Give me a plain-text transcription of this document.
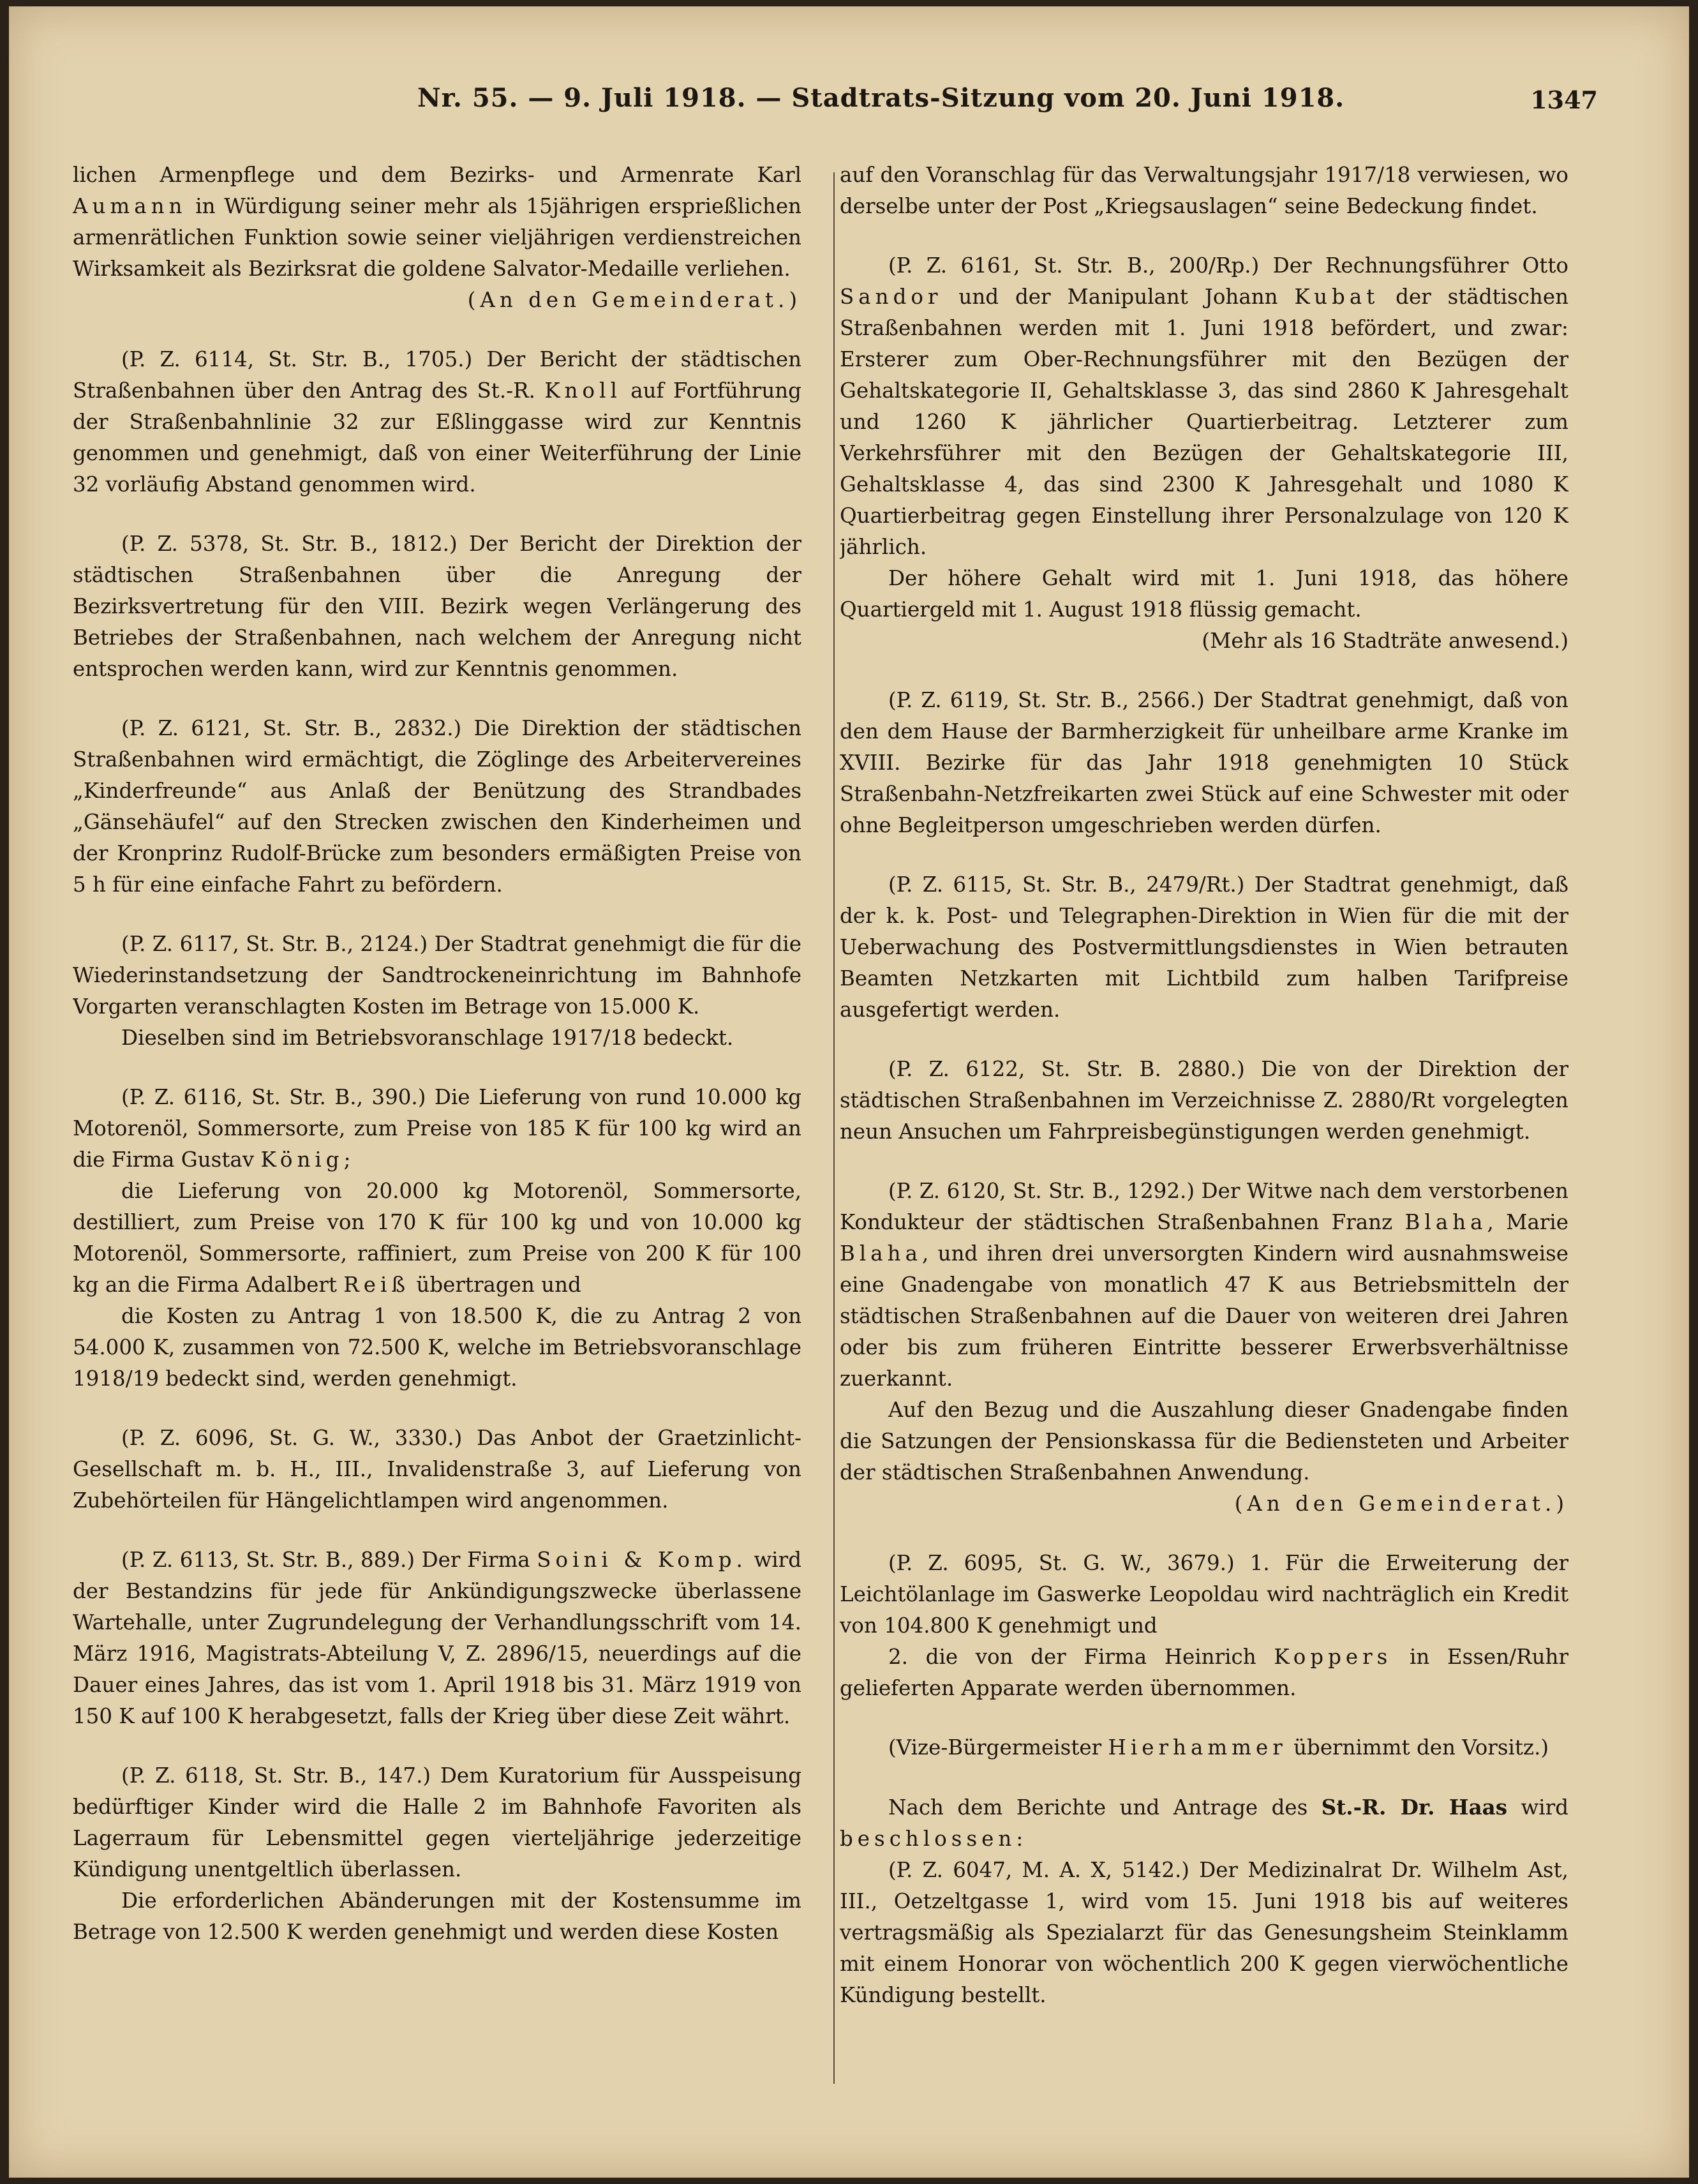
Nr. 55. — 9. Juli 1918. — Stadtrats-Sitzung vom 20. Juni 1918.	1347

lichen Armenpflege und dem Bezirks- und Armenrate Karl Aumann in Würdigung seiner mehr als 15jährigen ersprießlichen armenrätlichen Funktion sowie seiner vieljährigen verdienstreichen Wirksamkeit als Bezirksrat die goldene Salvator-Medaille verliehen.

(An den Gemeinderat.)

(P. Z. 6114, St. Str. B., 1705.) Der Bericht der städtischen Straßenbahnen über den Antrag des St.-R. Knoll auf Fortführung der Straßenbahnlinie 32 zur Eßlinggasse wird zur Kenntnis genommen und genehmigt, daß von einer Weiterführung der Linie 32 vorläufig Abstand genommen wird.

(P. Z. 5378, St. Str. B., 1812.) Der Bericht der Direktion der städtischen Straßenbahnen über die Anregung der Bezirksvertretung für den VIII. Bezirk wegen Verlängerung des Betriebes der Straßenbahnen, nach welchem der Anregung nicht entsprochen werden kann, wird zur Kenntnis genommen.

(P. Z. 6121, St. Str. B., 2832.) Die Direktion der städtischen Straßenbahnen wird ermächtigt, die Zöglinge des Arbeitervereines „Kinderfreunde“ aus Anlaß der Benützung des Strandbades „Gänsehäufel“ auf den Strecken zwischen den Kinderheimen und der Kronprinz Rudolf-Brücke zum besonders ermäßigten Preise von 5 h für eine einfache Fahrt zu befördern.

(P. Z. 6117, St. Str. B., 2124.) Der Stadtrat genehmigt die für die Wiederinstandsetzung der Sandtrockeneinrichtung im Bahnhofe Vorgarten veranschlagten Kosten im Betrage von 15.000 K.

Dieselben sind im Betriebsvoranschlage 1917/18 bedeckt.

(P. Z. 6116, St. Str. B., 390.) Die Lieferung von rund 10.000 kg Motorenöl, Sommersorte, zum Preise von 185 K für 100 kg wird an die Firma Gustav König;

die Lieferung von 20.000 kg Motorenöl, Sommersorte, destilliert, zum Preise von 170 K für 100 kg und von 10.000 kg Motorenöl, Sommersorte, raffiniert, zum Preise von 200 K für 100 kg an die Firma Adalbert Reiß übertragen und

die Kosten zu Antrag 1 von 18.500 K, die zu Antrag 2 von 54.000 K, zusammen von 72.500 K, welche im Betriebsvoranschlage 1918/19 bedeckt sind, werden genehmigt.

(P. Z. 6096, St. G. W., 3330.) Das Anbot der Graetzinlicht-Gesellschaft m. b. H., III., Invalidenstraße 3, auf Lieferung von Zubehörteilen für Hängelichtlampen wird angenommen.

(P. Z. 6113, St. Str. B., 889.) Der Firma Soini & Komp. wird der Bestandzins für jede für Ankündigungszwecke überlassene Wartehalle, unter Zugrundelegung der Verhandlungsschrift vom 14. März 1916, Magistrats-Abteilung V, Z. 2896/15, neuerdings auf die Dauer eines Jahres, das ist vom 1. April 1918 bis 31. März 1919 von 150 K auf 100 K herabgesetzt, falls der Krieg über diese Zeit währt.

(P. Z. 6118, St. Str. B., 147.) Dem Kuratorium für Ausspeisung bedürftiger Kinder wird die Halle 2 im Bahnhofe Favoriten als Lagerraum für Lebensmittel gegen vierteljährige jederzeitige Kündigung unentgeltlich überlassen.

Die erforderlichen Abänderungen mit der Kostensumme im Betrage von 12.500 K werden genehmigt und werden diese Kosten

auf den Voranschlag für das Verwaltungsjahr 1917/18 verwiesen, wo derselbe unter der Post „Kriegsauslagen“ seine Bedeckung findet.

(P. Z. 6161, St. Str. B., 200/Rp.) Der Rechnungsführer Otto Sandor und der Manipulant Johann Kubat der städtischen Straßenbahnen werden mit 1. Juni 1918 befördert, und zwar: Ersterer zum Ober-Rechnungsführer mit den Bezügen der Gehaltskategorie II, Gehaltsklasse 3, das sind 2860 K Jahresgehalt und 1260 K jährlicher Quartierbeitrag. Letzterer zum Verkehrsführer mit den Bezügen der Gehaltskategorie III, Gehaltsklasse 4, das sind 2300 K Jahresgehalt und 1080 K Quartierbeitrag gegen Einstellung ihrer Personalzulage von 120 K jährlich.

Der höhere Gehalt wird mit 1. Juni 1918, das höhere Quartiergeld mit 1. August 1918 flüssig gemacht.

(Mehr als 16 Stadträte anwesend.)

(P. Z. 6119, St. Str. B., 2566.) Der Stadtrat genehmigt, daß von den dem Hause der Barmherzigkeit für unheilbare arme Kranke im XVIII. Bezirke für das Jahr 1918 genehmigten 10 Stück Straßenbahn-Netzfreikarten zwei Stück auf eine Schwester mit oder ohne Begleitperson umgeschrieben werden dürfen.

(P. Z. 6115, St. Str. B., 2479/Rt.) Der Stadtrat genehmigt, daß der k. k. Post- und Telegraphen-Direktion in Wien für die mit der Ueberwachung des Postvermittlungsdienstes in Wien betrauten Beamten Netzkarten mit Lichtbild zum halben Tarifpreise ausgefertigt werden.

(P. Z. 6122, St. Str. B. 2880.) Die von der Direktion der städtischen Straßenbahnen im Verzeichnisse Z. 2880/Rt vorgelegten neun Ansuchen um Fahrpreisbegünstigungen werden genehmigt.

(P. Z. 6120, St. Str. B., 1292.) Der Witwe nach dem verstorbenen Kondukteur der städtischen Straßenbahnen Franz Blaha, Marie Blaha, und ihren drei unversorgten Kindern wird ausnahmsweise eine Gnadengabe von monatlich 47 K aus Betriebsmitteln der städtischen Straßenbahnen auf die Dauer von weiteren drei Jahren oder bis zum früheren Eintritte besserer Erwerbsverhältnisse zuerkannt.

Auf den Bezug und die Auszahlung dieser Gnadengabe finden die Satzungen der Pensionskassa für die Bediensteten und Arbeiter der städtischen Straßenbahnen Anwendung.

(An den Gemeinderat.)

(P. Z. 6095, St. G. W., 3679.) 1. Für die Erweiterung der Leichtölanlage im Gaswerke Leopoldau wird nachträglich ein Kredit von 104.800 K genehmigt und

2. die von der Firma Heinrich Koppers in Essen/Ruhr gelieferten Apparate werden übernommen.

(Vize-Bürgermeister Hierhammer übernimmt den Vorsitz.)

Nach dem Berichte und Antrage des St.-R. Dr. Haas wird beschlossen:

(P. Z. 6047, M. A. X, 5142.) Der Medizinalrat Dr. Wilhelm Ast, III., Oetzeltgasse 1, wird vom 15. Juni 1918 bis auf weiteres vertragsmäßig als Spezialarzt für das Genesungsheim Steinklamm mit einem Honorar von wöchentlich 200 K gegen vierwöchentliche Kündigung bestellt.
